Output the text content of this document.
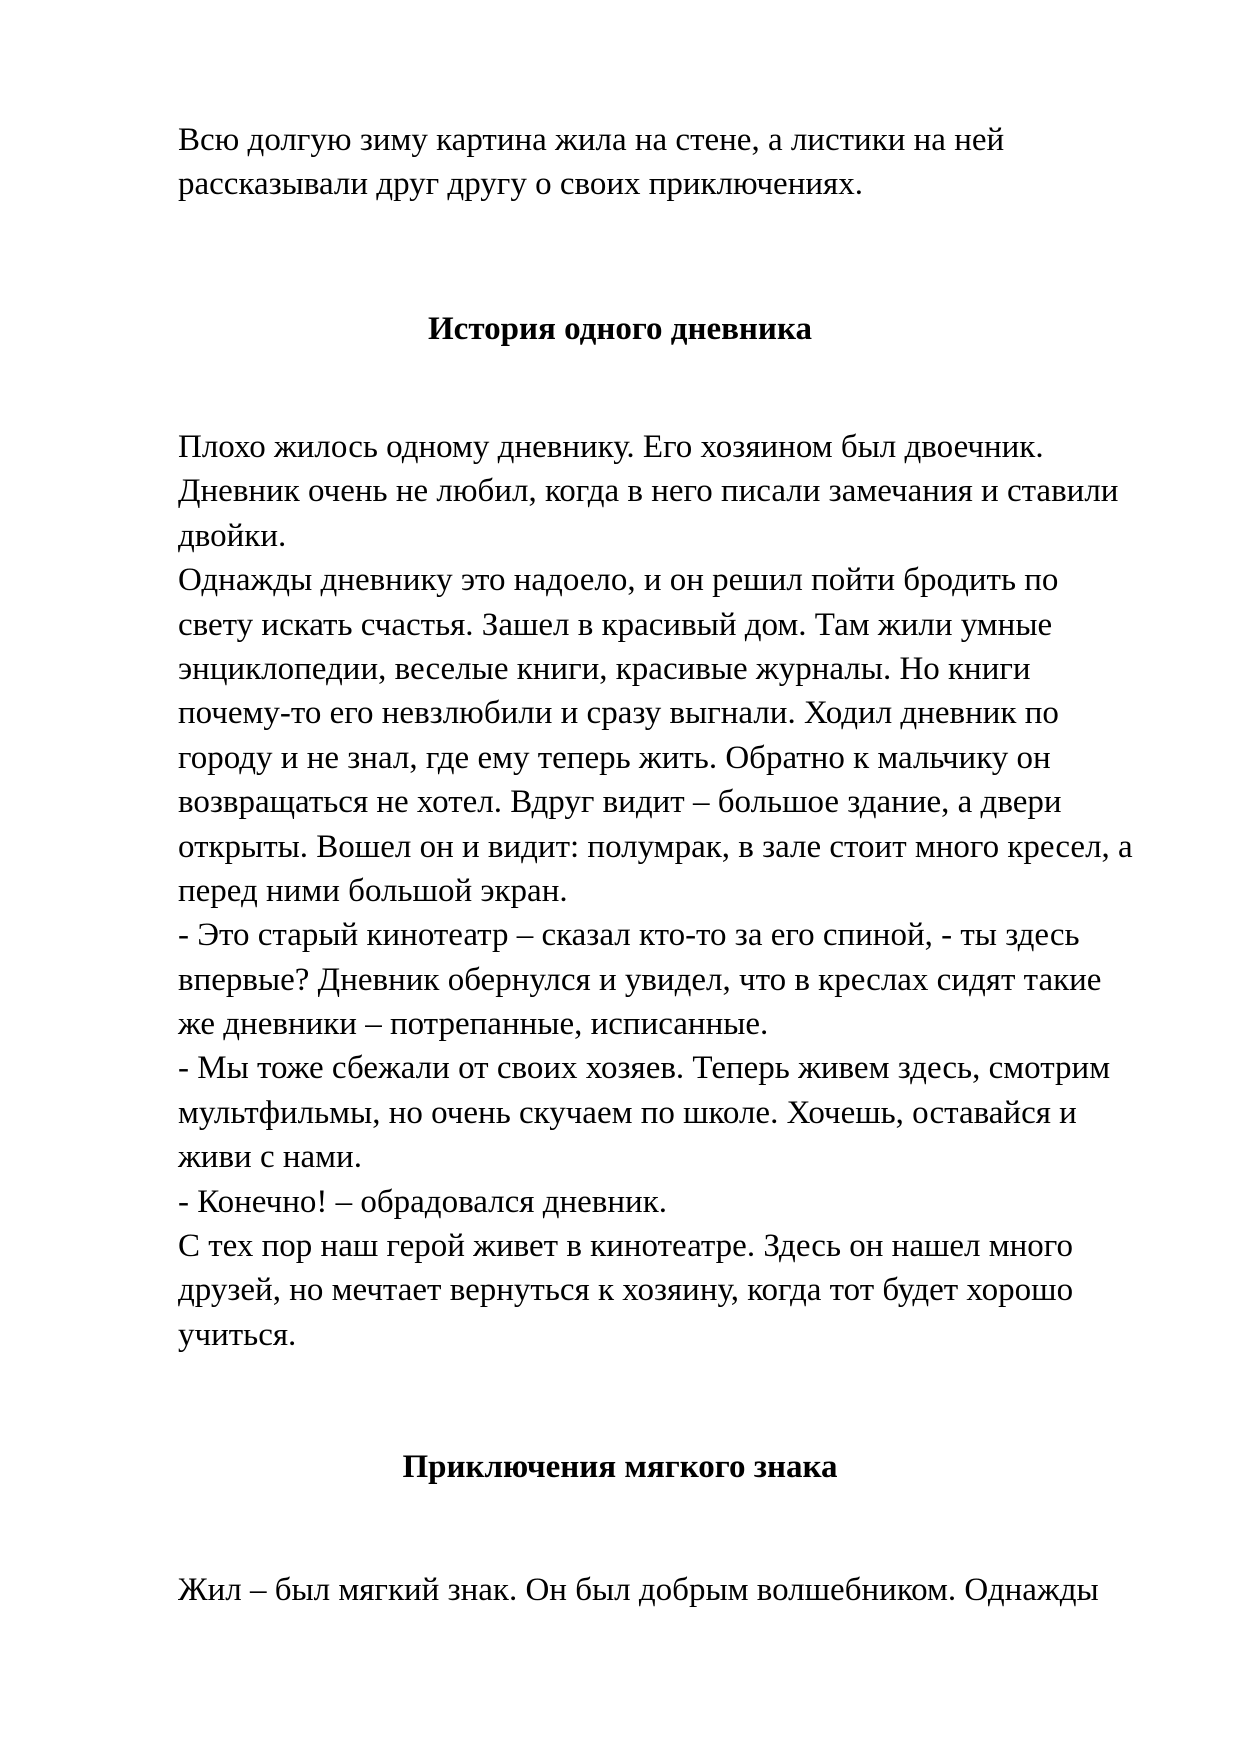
Всю долгую зиму картина жила на стене, а листики на ней
рассказывали друг другу о своих приключениях.
История одного дневника
Плохо жилось одному дневнику. Его хозяином был двоечник.
Дневник очень не любил, когда в него писали замечания и ставили
двойки.
Однажды дневнику это надоело, и он решил пойти бродить по
свету искать счастья. Зашел в красивый дом. Там жили умные
энциклопедии, веселые книги, красивые журналы. Но книги
почему-то его невзлюбили и сразу выгнали. Ходил дневник по
городу и не знал, где ему теперь жить. Обратно к мальчику он
возвращаться не хотел. Вдруг видит – большое здание, а двери
открыты. Вошел он и видит: полумрак, в зале стоит много кресел, а
перед ними большой экран.
- Это старый кинотеатр – сказал кто-то за его спиной, - ты здесь
впервые? Дневник обернулся и увидел, что в креслах сидят такие
же дневники – потрепанные, исписанные.
- Мы тоже сбежали от своих хозяев. Теперь живем здесь, смотрим
мультфильмы, но очень скучаем по школе. Хочешь, оставайся и
живи с нами.
- Конечно! – обрадовался дневник.
С тех пор наш герой живет в кинотеатре. Здесь он нашел много
друзей, но мечтает вернуться к хозяину, когда тот будет хорошо
учиться.
Приключения мягкого знака
Жил – был мягкий знак. Он был добрым волшебником. Однажды
